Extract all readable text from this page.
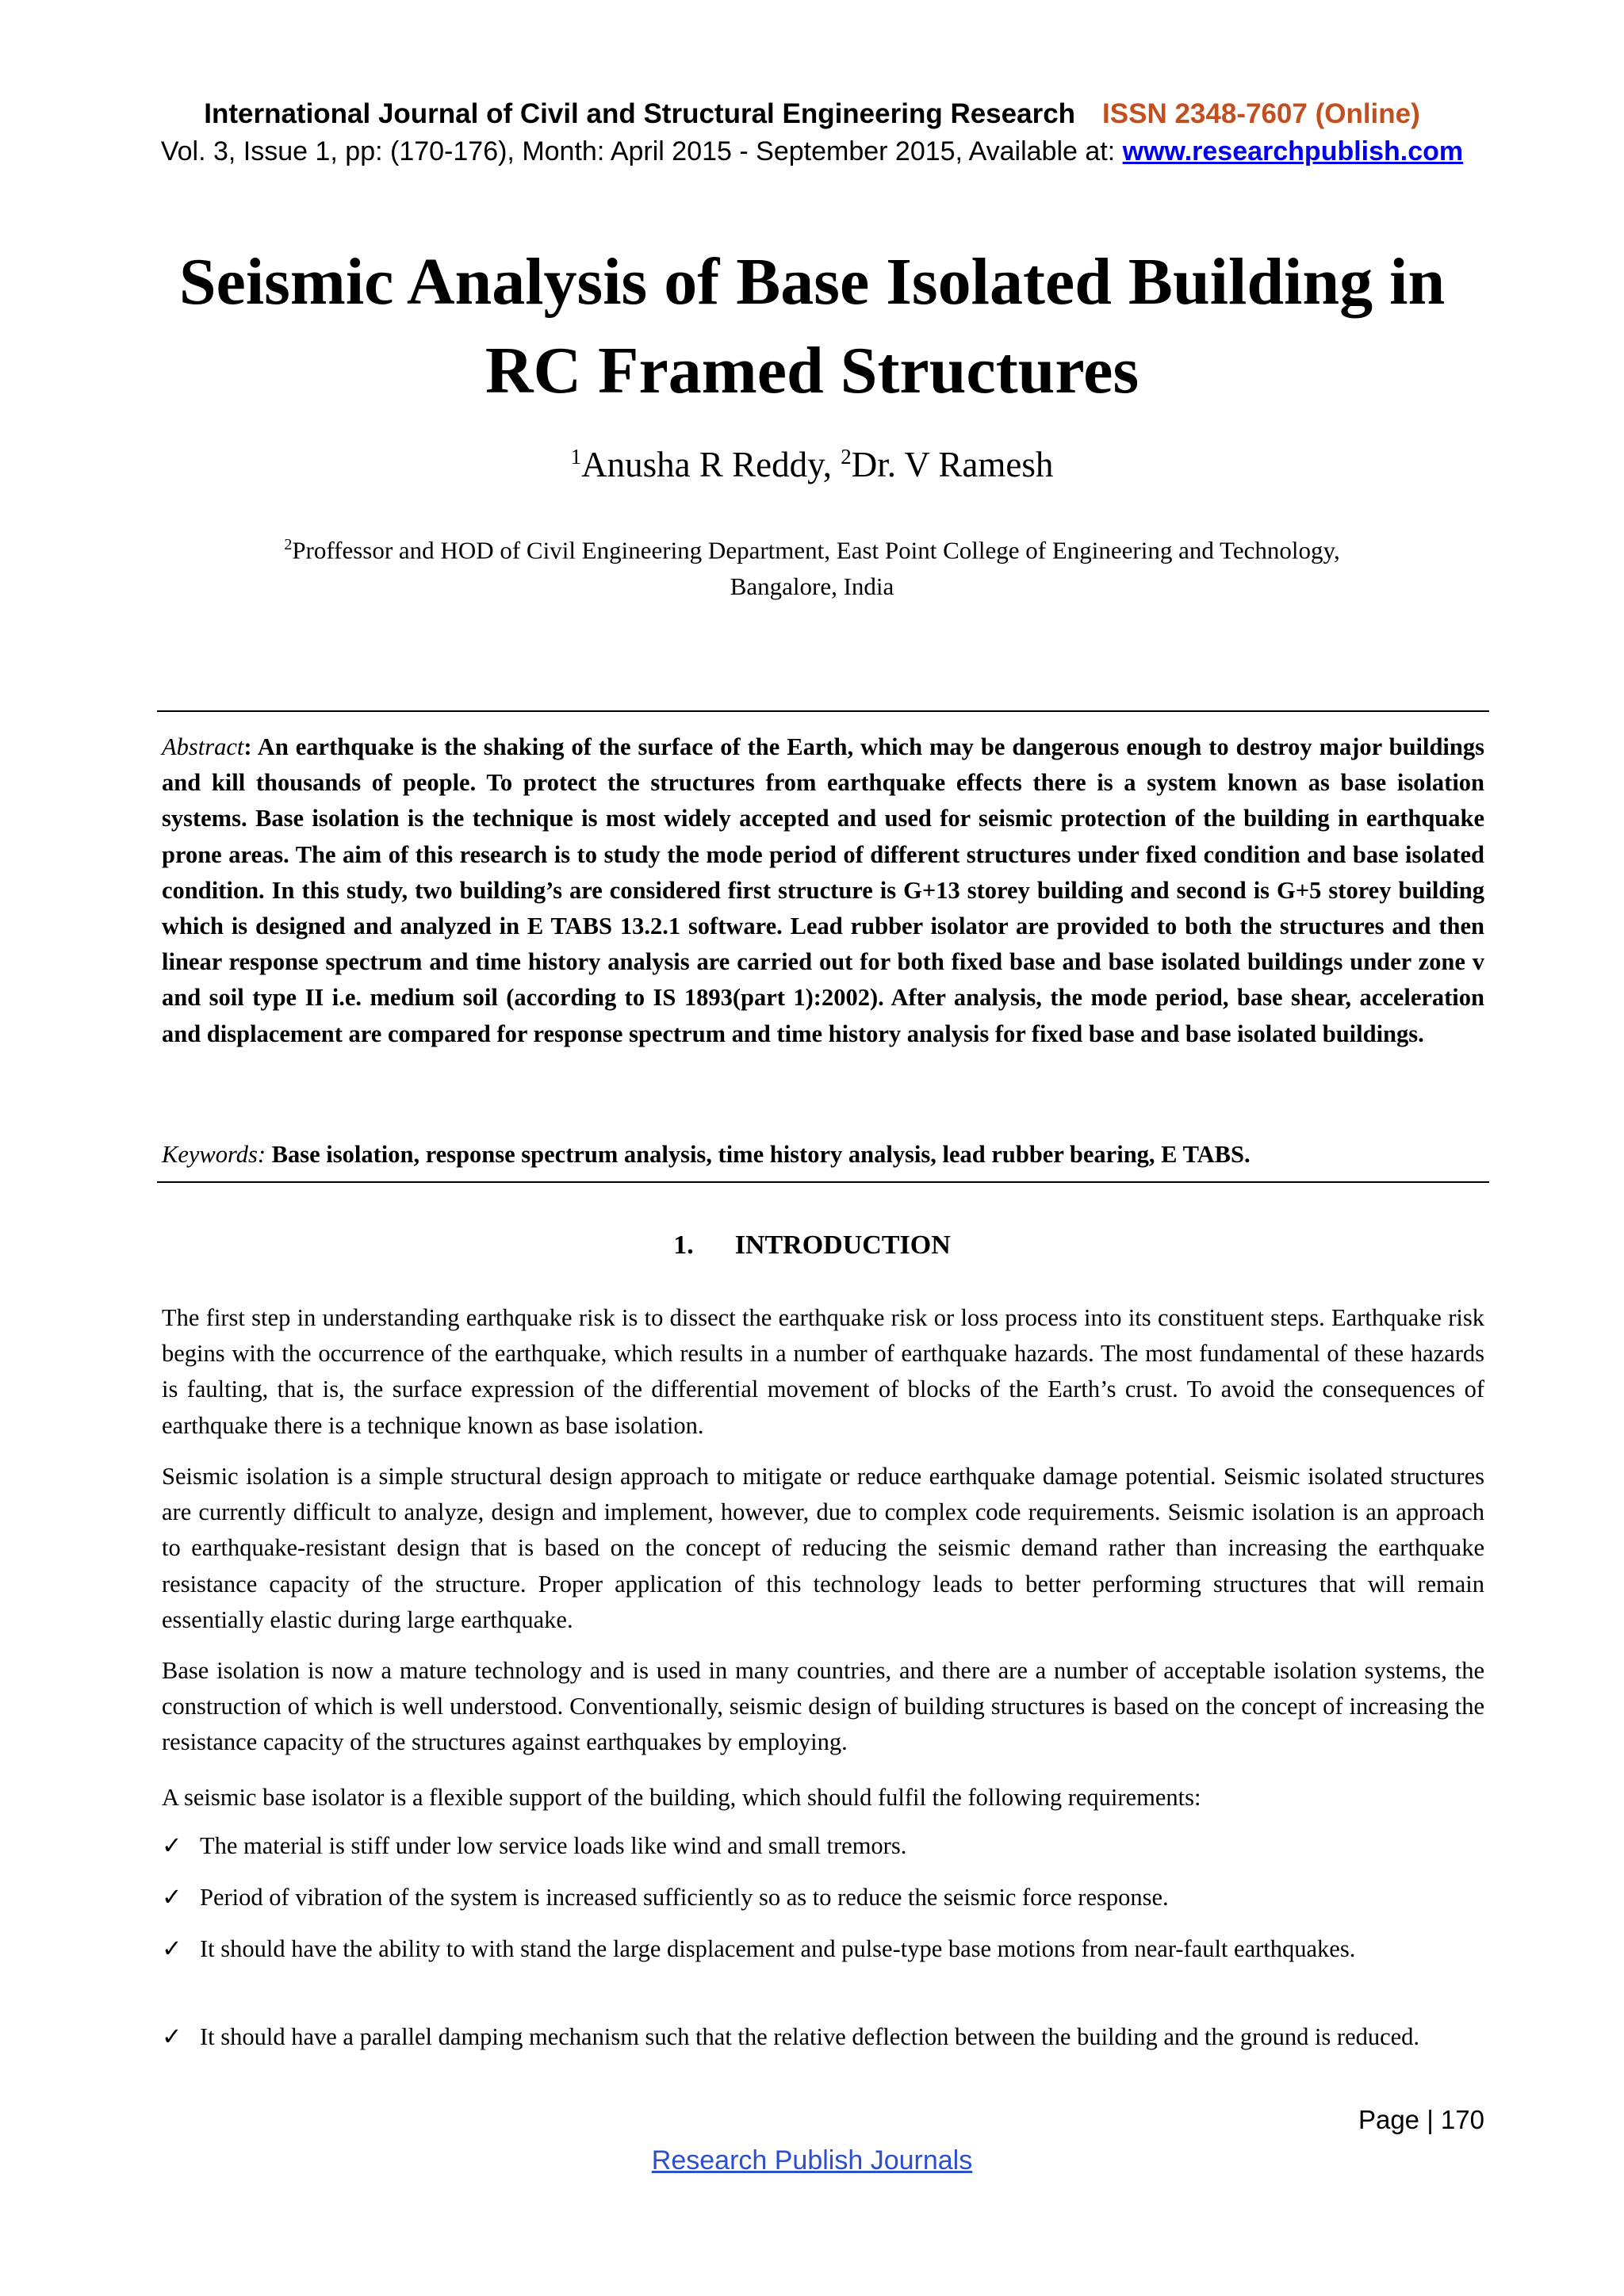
International Journal of Civil and Structural Engineering Research ISSN 2348-7607 (Online)
Vol. 3, Issue 1, pp: (170-176), Month: April 2015 - September 2015, Available at: www.researchpublish.com
Seismic Analysis of Base Isolated Building in
RC Framed Structures
$^1$Anusha R Reddy, $^2$Dr. V Ramesh
$^2$Proffessor and HOD of Civil Engineering Department, East Point College of Engineering and Technology,
Bangalore, India
Abstract: An earthquake is the shaking of the surface of the Earth, which may be dangerous enough to destroy major buildings and kill thousands of people. To protect the structures from earthquake effects there is a system known as base isolation systems. Base isolation is the technique is most widely accepted and used for seismic protection of the building in earthquake prone areas. The aim of this research is to study the mode period of different structures under fixed condition and base isolated condition. In this study, two building’s are considered first structure is G+13 storey building and second is G+5 storey building which is designed and analyzed in E TABS 13.2.1 software. Lead rubber isolator are provided to both the structures and then linear response spectrum and time history analysis are carried out for both fixed base and base isolated buildings under zone v and soil type II i.e. medium soil (according to IS 1893(part 1):2002). After analysis, the mode period, base shear, acceleration and displacement are compared for response spectrum and time history analysis for fixed base and base isolated buildings.
Keywords: Base isolation, response spectrum analysis, time history analysis, lead rubber bearing, E TABS.
1. INTRODUCTION

The first step in understanding earthquake risk is to dissect the earthquake risk or loss process into its constituent steps. Earthquake risk begins with the occurrence of the earthquake, which results in a number of earthquake hazards. The most fundamental of these hazards is faulting, that is, the surface expression of the differential movement of blocks of the Earth’s crust. To avoid the consequences of earthquake there is a technique known as base isolation.

Seismic isolation is a simple structural design approach to mitigate or reduce earthquake damage potential. Seismic isolated structures are currently difficult to analyze, design and implement, however, due to complex code requirements. Seismic isolation is an approach to earthquake-resistant design that is based on the concept of reducing the seismic demand rather than increasing the earthquake resistance capacity of the structure. Proper application of this technology leads to better performing structures that will remain essentially elastic during large earthquake.

Base isolation is now a mature technology and is used in many countries, and there are a number of acceptable isolation systems, the construction of which is well understood. Conventionally, seismic design of building structures is based on the concept of increasing the resistance capacity of the structures against earthquakes by employing.

A seismic base isolator is a flexible support of the building, which should fulfil the following requirements:

✓ The material is stiff under low service loads like wind and small tremors.
✓ Period of vibration of the system is increased sufficiently so as to reduce the seismic force response.
✓ It should have the ability to with stand the large displacement and pulse-type base motions from near-fault earthquakes.
✓ It should have a parallel damping mechanism such that the relative deflection between the building and the ground is reduced.
Page | 170
Research Publish Journals
